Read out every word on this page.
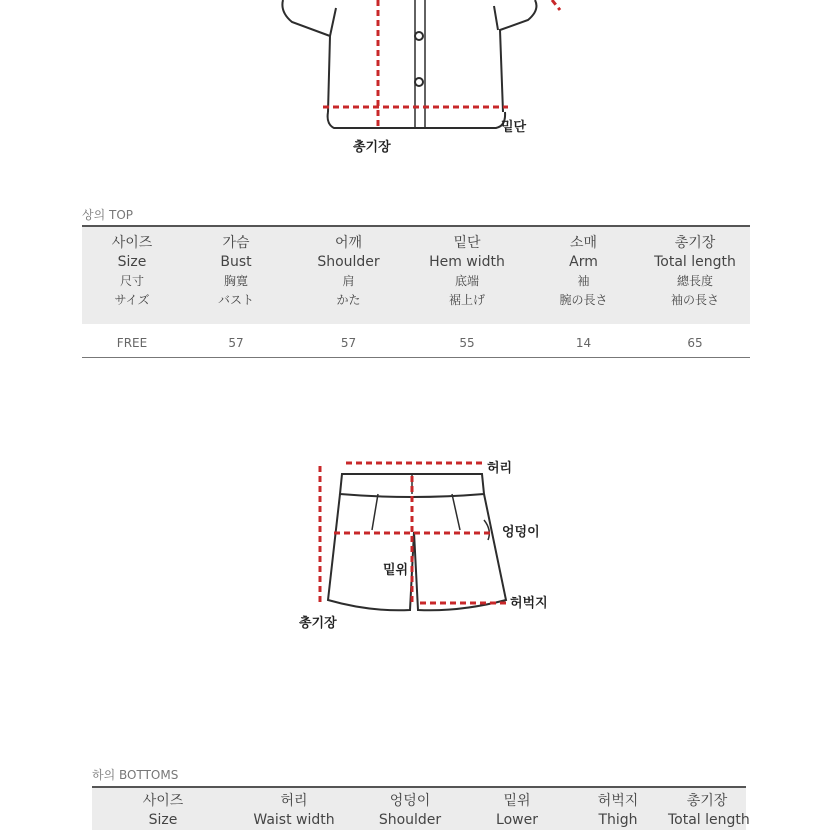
밑단
총기장
허리
엉덩이
밑위
허벅지
총기장
상의 TOP
사이즈	가슴	어깨	밑단	소매	총기장
Size	Bust	Shoulder	Hem width	Arm	Total length
尺寸	胸寛	肩	底端	袖	總長度
サイズ	バスト	かた	裾上げ	腕の長さ	袖の長さ
FREE	57	57	55	14	65
하의 BOTTOMS
사이즈	허리	엉덩이	밑위	허벅지	총기장
Size	Waist width	Shoulder	Lower	Thigh	Total length
